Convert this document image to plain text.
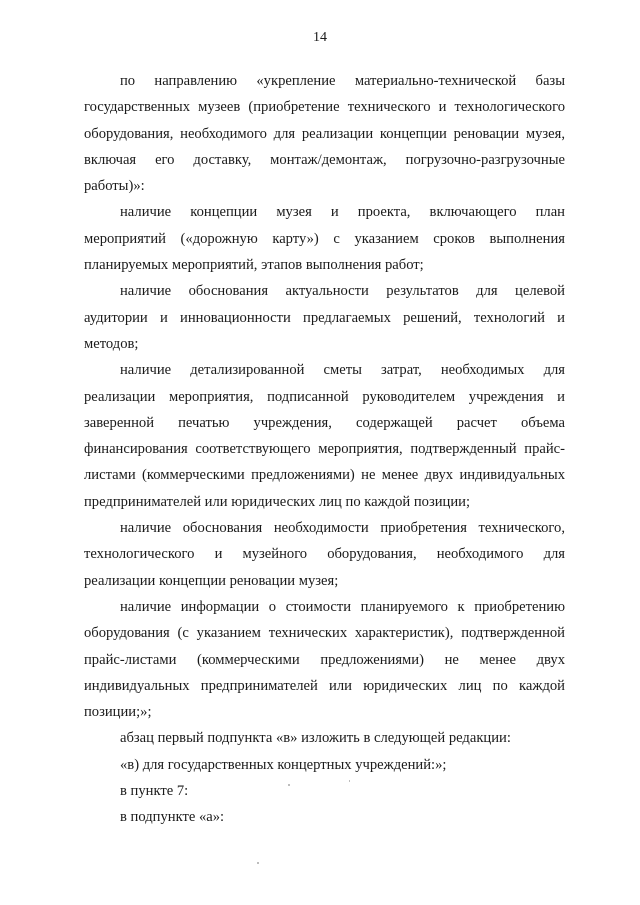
14

по направлению «укрепление материально-технической базы
государственных музеев (приобретение технического и технологического
оборудования, необходимого для реализации концепции реновации музея,
включая его доставку, монтаж/демонтаж, погрузочно-разгрузочные
работы)»:

наличие концепции музея и проекта, включающего план
мероприятий («дорожную карту») с указанием сроков выполнения
планируемых мероприятий, этапов выполнения работ;

наличие обоснования актуальности результатов для целевой
аудитории и инновационности предлагаемых решений, технологий и
методов;

наличие детализированной сметы затрат, необходимых для
реализации мероприятия, подписанной руководителем учреждения и
заверенной печатью учреждения, содержащей расчет объема
финансирования соответствующего мероприятия, подтвержденный прайс-
листами (коммерческими предложениями) не менее двух индивидуальных
предпринимателей или юридических лиц по каждой позиции;

наличие обоснования необходимости приобретения технического,
технологического и музейного оборудования, необходимого для
реализации концепции реновации музея;

наличие информации о стоимости планируемого к приобретению
оборудования (с указанием технических характеристик), подтвержденной
прайс-листами (коммерческими предложениями) не менее двух
индивидуальных предпринимателей или юридических лиц по каждой
позиции;»;

абзац первый подпункта «в» изложить в следующей редакции:

«в) для государственных концертных учреждений:»;

в пункте 7:

в подпункте «а»:
